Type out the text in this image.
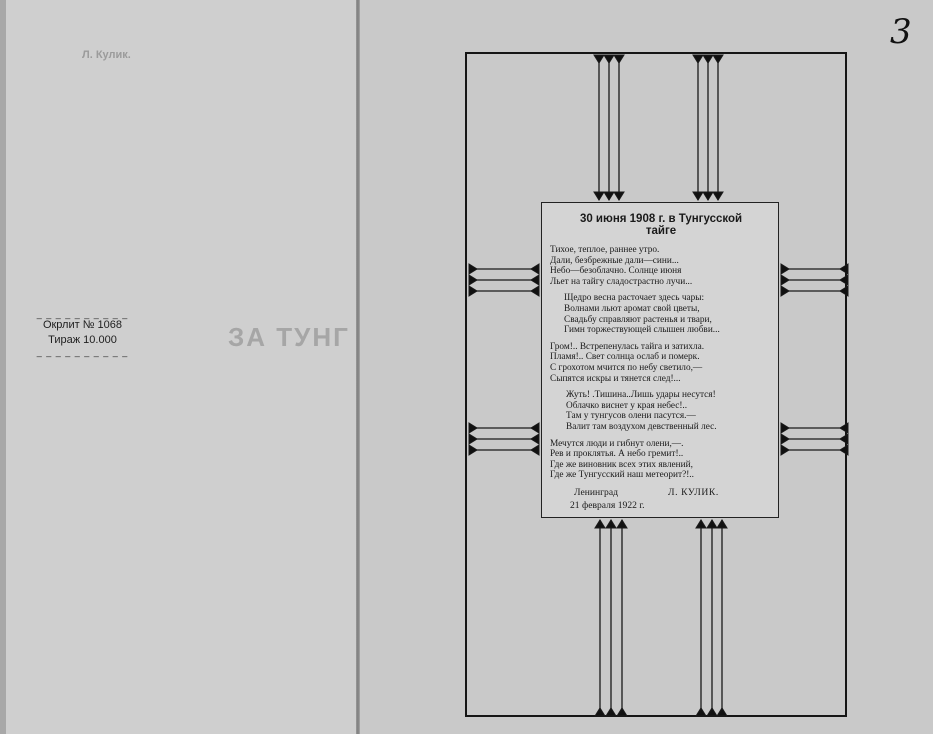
Л. Кулик.
ЗА ТУНГ
_ _ _ _ _ _ _ _ _ _
Окрлит № 1068
Тираж 10.000
_ _ _ _ _ _ _ _ _ _
3
30 июня 1908 г. в Тунгусской
тайге
Тихое, теплое, раннее утро.
Дали, безбрежные дали—сини...
Небо—безоблачно. Солнце июня
Льет на тайгу сладострастно лучи...
Щедро весна расточает здесь чары:
Волнами льют аромат свой цветы,
Свадьбу справляют растенья и твари,
Гимн торжествующей слышен любви...
Гром!.. Встрепенулась тайга и затихла.
Пламя!.. Свет солнца ослаб и померк.
С грохотом мчится по небу светило,—
Сыпятся искры и тянется след!...
Жуть! .Тишина..Лишь удары несутся!
Облачко виснет у края небес!..
Там у тунгусов олени пасутся.—
Валит там воздухом девственный лес.
Мечутся люди и гибнут олени,—.
Рев и проклятья. А небо гремит!..
Где же виновник всех этих явлений,
Где же Тунгусский наш метеорит?!..
Ленинград	Л. КУЛИК.
21 февраля 1922 г.
